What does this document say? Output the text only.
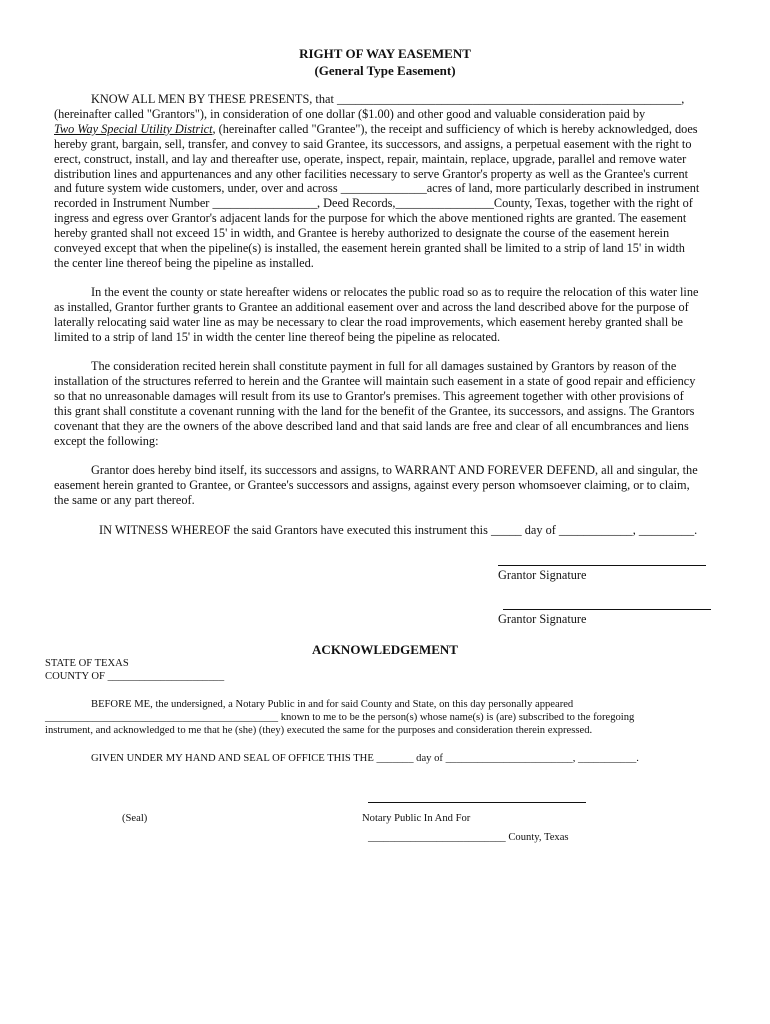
RIGHT OF WAY EASEMENT
(General Type Easement)
KNOW ALL MEN BY THESE PRESENTS, that ________________________________________________________,
(hereinafter called "Grantors"), in consideration of one dollar ($1.00) and other good and valuable consideration paid by
Two Way Special Utility District, (hereinafter called "Grantee"), the receipt and sufficiency of which is hereby acknowledged, does
hereby grant, bargain, sell, transfer, and convey to said Grantee, its successors, and assigns, a perpetual easement with the right to
erect, construct, install, and lay and thereafter use, operate, inspect, repair, maintain, replace, upgrade, parallel and remove water
distribution lines and appurtenances and any other facilities necessary to serve Grantor's property as well as the Grantee's current
and future system wide customers, under, over and across ______________acres of land, more particularly described in instrument
recorded in Instrument Number _________________, Deed Records,________________County, Texas, together with the right of
ingress and egress over Grantor's adjacent lands for the purpose for which the above mentioned rights are granted. The easement
hereby granted shall not exceed 15' in width, and Grantee is hereby authorized to designate the course of the easement herein
conveyed except that when the pipeline(s) is installed, the easement herein granted shall be limited to a strip of land 15' in width
the center line thereof being the pipeline as installed.
In the event the county or state hereafter widens or relocates the public road so as to require the relocation of this water line
as installed, Grantor further grants to Grantee an additional easement over and across the land described above for the purpose of
laterally relocating said water line as may be necessary to clear the road improvements, which easement hereby granted shall be
limited to a strip of land 15' in width the center line thereof being the pipeline as relocated.
The consideration recited herein shall constitute payment in full for all damages sustained by Grantors by reason of the
installation of the structures referred to herein and the Grantee will maintain such easement in a state of good repair and efficiency
so that no unreasonable damages will result from its use to Grantor's premises. This agreement together with other provisions of
this grant shall constitute a covenant running with the land for the benefit of the Grantee, its successors, and assigns. The Grantors
covenant that they are the owners of the above described land and that said lands are free and clear of all encumbrances and liens
except the following:
Grantor does hereby bind itself, its successors and assigns, to WARRANT AND FOREVER DEFEND, all and singular, the
easement herein granted to Grantee, or Grantee's successors and assigns, against every person whomsoever claiming, or to claim,
the same or any part thereof.
IN WITNESS WHEREOF the said Grantors have executed this instrument this _____ day of ____________, _________.
Grantor Signature
Grantor Signature
ACKNOWLEDGEMENT
STATE OF TEXAS
COUNTY OF ______________________
BEFORE ME, the undersigned, a Notary Public in and for said County and State, on this day personally appeared
____________________________________________ known to me to be the person(s) whose name(s) is (are) subscribed to the foregoing
instrument, and acknowledged to me that he (she) (they) executed the same for the purposes and consideration therein expressed.
GIVEN UNDER MY HAND AND SEAL OF OFFICE THIS THE _______ day of ________________________, ___________.
(Seal)	Notary Public In And For
__________________________ County, Texas
